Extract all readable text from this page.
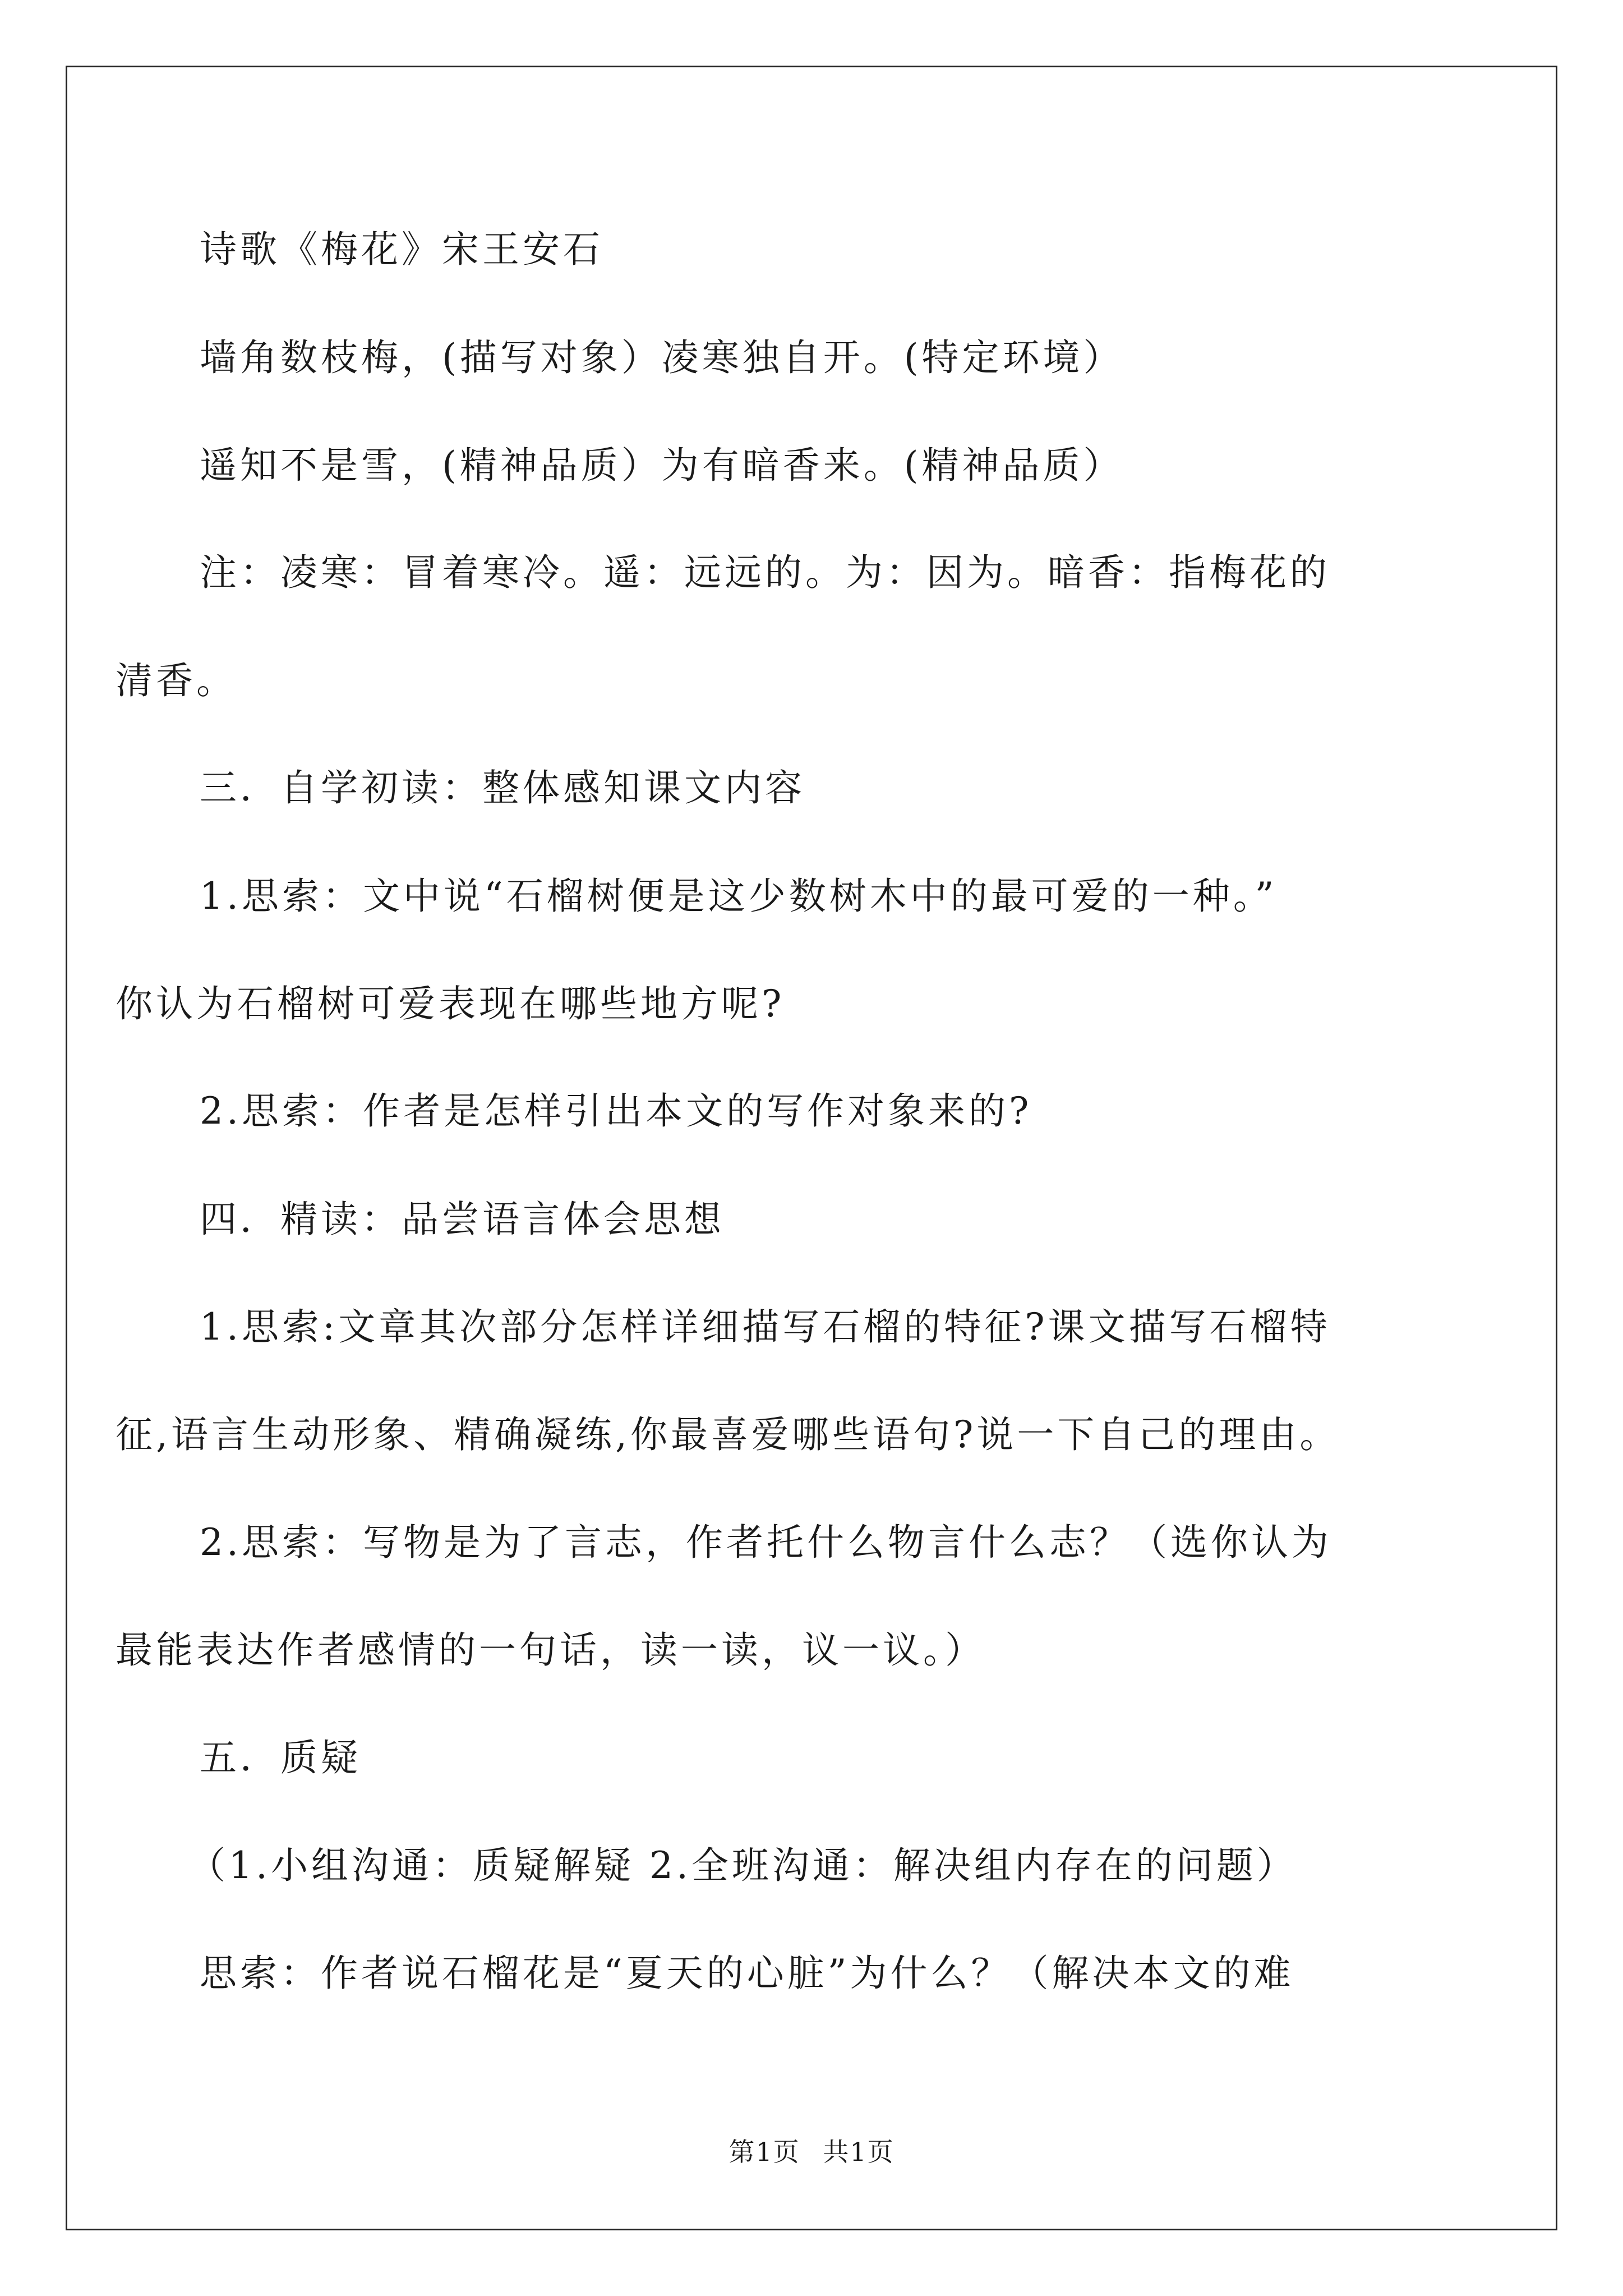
诗歌《梅花》宋王安石
墙角数枝梅，(描写对象）凌寒独自开。(特定环境）
遥知不是雪，(精神品质）为有暗香来。(精神品质）
注：凌寒：冒着寒冷。遥：远远的。为：因为。暗香：指梅花的
清香。
三．自学初读：整体感知课文内容
1.思索：文中说“石榴树便是这少数树木中的最可爱的一种。”
你认为石榴树可爱表现在哪些地方呢?
2.思索：作者是怎样引出本文的写作对象来的?
四．精读：品尝语言体会思想
1.思索:文章其次部分怎样详细描写石榴的特征?课文描写石榴特
征,语言生动形象、精确凝练,你最喜爱哪些语句?说一下自己的理由。
2.思索：写物是为了言志，作者托什么物言什么志？（选你认为
最能表达作者感情的一句话，读一读，议一议。）
五．质疑
（1.小组沟通：质疑解疑 2.全班沟通：解决组内存在的问题）
思索：作者说石榴花是“夏天的心脏”为什么？（解决本文的难
第1页 共1页
